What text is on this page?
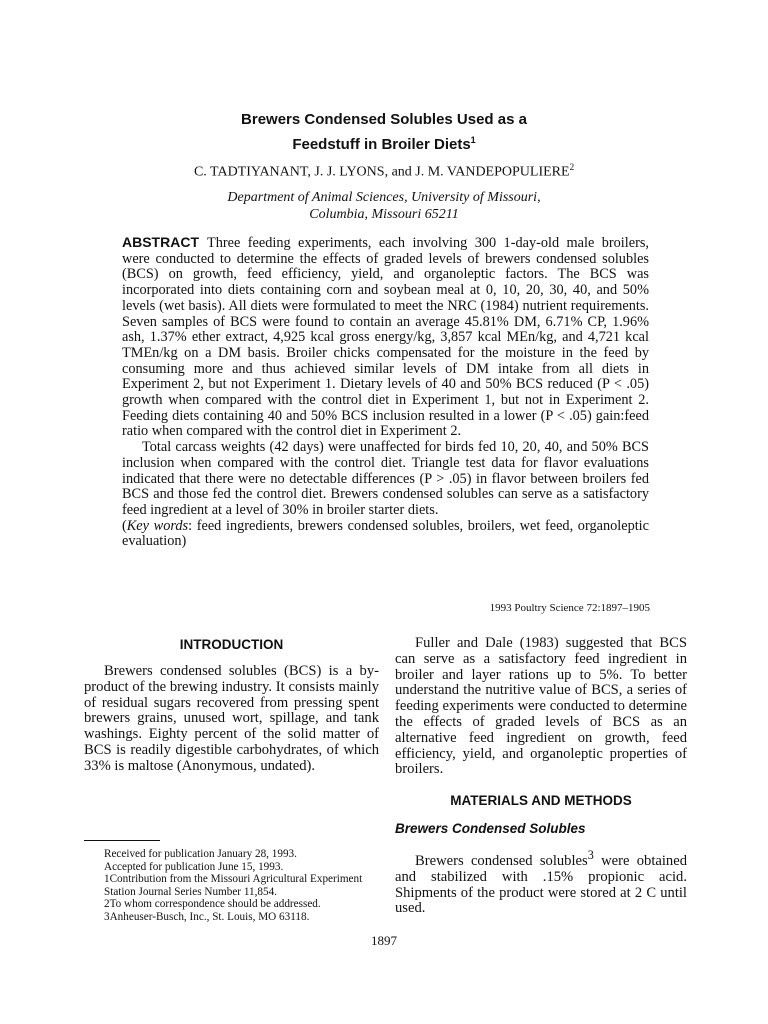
Brewers Condensed Solubles Used as a
Feedstuff in Broiler Diets$^1$
C. TADTIYANANT, J. J. LYONS, and J. M. VANDEPOPULIERE$^2$
Department of Animal Sciences, University of Missouri,
Columbia, Missouri 65211

ABSTRACT Three feeding experiments, each involving 300 1-day-old male broilers, were conducted to determine the effects of graded levels of brewers condensed solubles (BCS) on growth, feed efficiency, yield, and organoleptic factors. The BCS was incorporated into diets containing corn and soybean meal at 0, 10, 20, 30, 40, and 50% levels (wet basis). All diets were formulated to meet the NRC (1984) nutrient requirements. Seven samples of BCS were found to contain an average 45.81% DM, 6.71% CP, 1.96% ash, 1.37% ether extract, 4,925 kcal gross energy/kg, 3,857 kcal MEn/kg, and 4,721 kcal TMEn/kg on a DM basis. Broiler chicks compensated for the moisture in the feed by consuming more and thus achieved similar levels of DM intake from all diets in Experiment 2, but not Experiment 1. Dietary levels of 40 and 50% BCS reduced (P < .05) growth when compared with the control diet in Experiment 1, but not in Experiment 2. Feeding diets containing 40 and 50% BCS inclusion resulted in a lower (P < .05) gain:feed ratio when compared with the control diet in Experiment 2.

Total carcass weights (42 days) were unaffected for birds fed 10, 20, 40, and 50% BCS inclusion when compared with the control diet. Triangle test data for flavor evaluations indicated that there were no detectable differences (P > .05) in flavor between broilers fed BCS and those fed the control diet. Brewers condensed solubles can serve as a satisfactory feed ingredient at a level of 30% in broiler starter diets.

(Key words: feed ingredients, brewers condensed solubles, broilers, wet feed, organoleptic evaluation)

1993 Poultry Science 72:1897–1905
INTRODUCTION

Brewers condensed solubles (BCS) is a by-product of the brewing industry. It consists mainly of residual sugars recovered from pressing spent brewers grains, unused wort, spillage, and tank washings. Eighty percent of the solid matter of BCS is readily digestible carbohydrates, of which 33% is maltose (Anonymous, undated).

Fuller and Dale (1983) suggested that BCS can serve as a satisfactory feed ingredient in broiler and layer rations up to 5%. To better understand the nutritive value of BCS, a series of feeding experiments were conducted to determine the effects of graded levels of BCS as an alternative feed ingredient on growth, feed efficiency, yield, and organoleptic properties of broilers.

MATERIALS AND METHODS
Brewers Condensed Solubles

Brewers condensed solubles$^3$ were obtained and stabilized with .15% propionic acid. Shipments of the product were stored at 2 C until used.

Received for publication January 28, 1993.

Accepted for publication June 15, 1993.

1Contribution from the Missouri Agricultural Experiment Station Journal Series Number 11,854.

2To whom correspondence should be addressed.

3Anheuser-Busch, Inc., St. Louis, MO 63118.

1897
